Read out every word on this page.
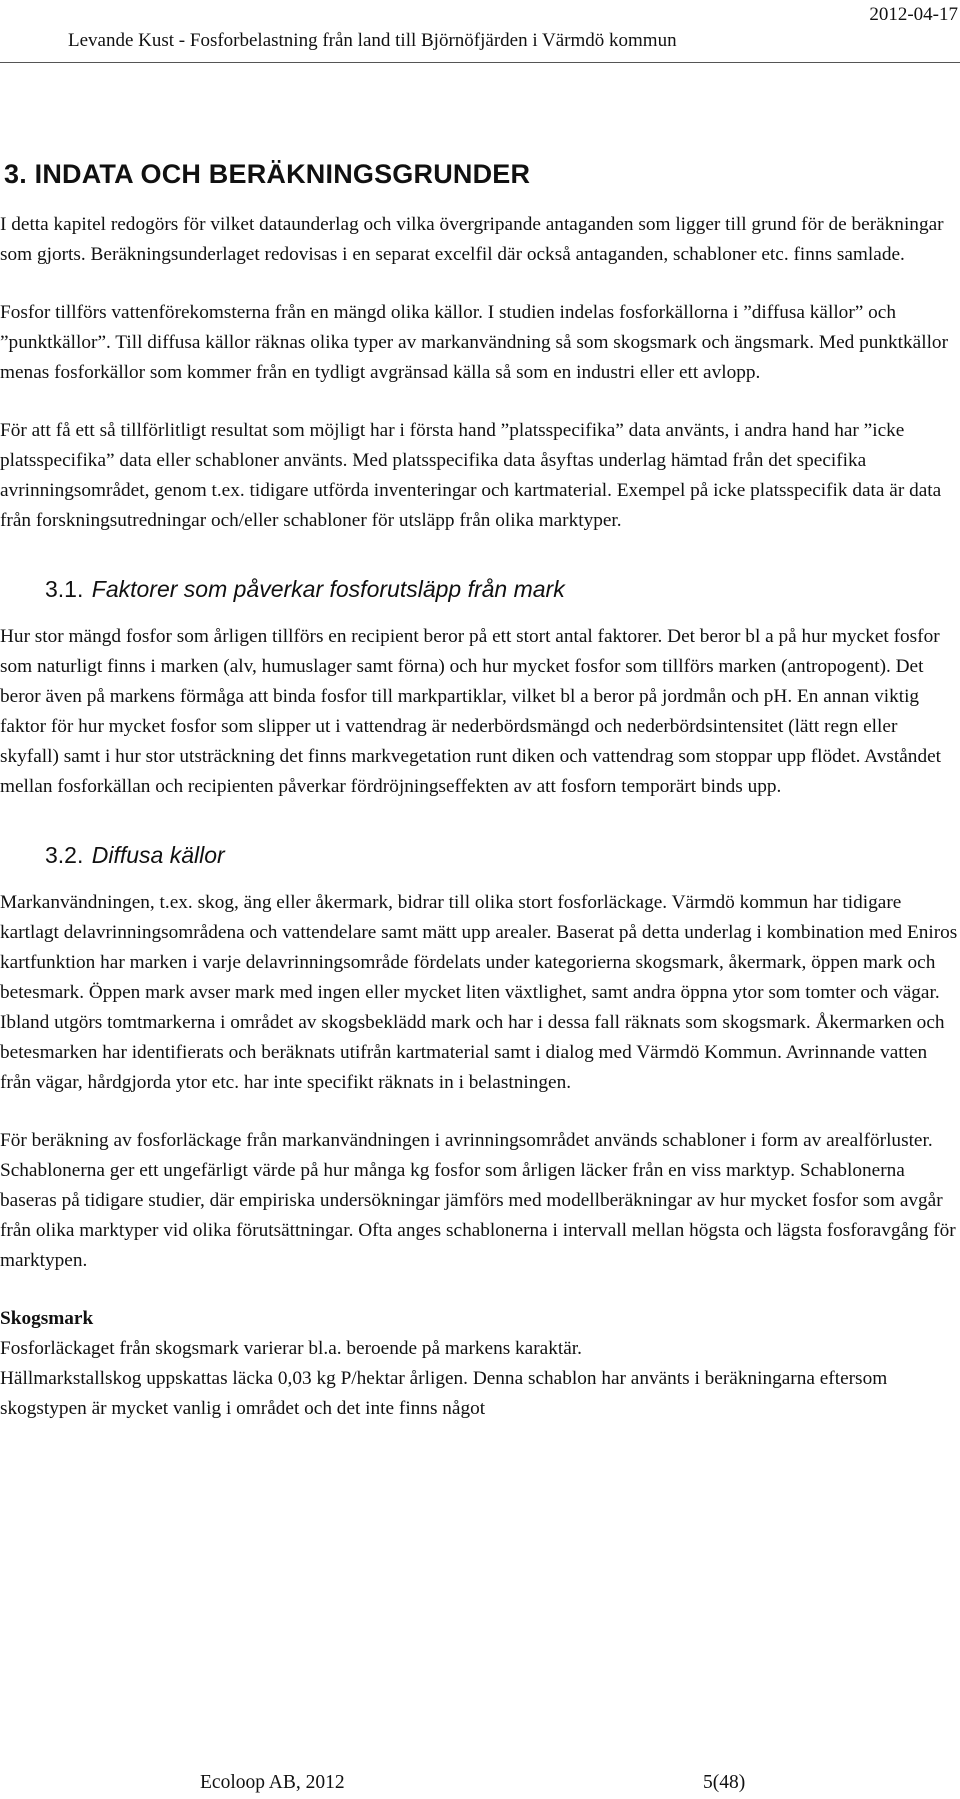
2012-04-17
Levande Kust - Fosforbelastning från land till Björnöfjärden i Värmdö kommun
3. INDATA OCH BERÄKNINGSGRUNDER

I detta kapitel redogörs för vilket dataunderlag och vilka övergripande antaganden som ligger till grund för de beräkningar som gjorts. Beräkningsunderlaget redovisas i en separat excelfil där också antaganden, schabloner etc. finns samlade.

Fosfor tillförs vattenförekomsterna från en mängd olika källor. I studien indelas fosforkällorna i ”diffusa källor” och ”punktkällor”. Till diffusa källor räknas olika typer av markanvändning så som skogsmark och ängsmark. Med punktkällor menas fosforkällor som kommer från en tydligt avgränsad källa så som en industri eller ett avlopp.

För att få ett så tillförlitligt resultat som möjligt har i första hand ”platsspecifika” data använts, i andra hand har ”icke platsspecifika” data eller schabloner använts. Med platsspecifika data åsyftas underlag hämtad från det specifika avrinningsområdet, genom t.ex. tidigare utförda inventeringar och kartmaterial. Exempel på icke platsspecifik data är data från forskningsutredningar och/eller schabloner för utsläpp från olika marktyper.

3.1. Faktorer som påverkar fosforutsläpp från mark

Hur stor mängd fosfor som årligen tillförs en recipient beror på ett stort antal faktorer. Det beror bl a på hur mycket fosfor som naturligt finns i marken (alv, humuslager samt förna) och hur mycket fosfor som tillförs marken (antropogent). Det beror även på markens förmåga att binda fosfor till markpartiklar, vilket bl a beror på jordmån och pH. En annan viktig faktor för hur mycket fosfor som slipper ut i vattendrag är nederbördsmängd och nederbördsintensitet (lätt regn eller skyfall) samt i hur stor utsträckning det finns markvegetation runt diken och vattendrag som stoppar upp flödet. Avståndet mellan fosforkällan och recipienten påverkar fördröjningseffekten av att fosforn temporärt binds upp.

3.2. Diffusa källor

Markanvändningen, t.ex. skog, äng eller åkermark, bidrar till olika stort fosforläckage. Värmdö kommun har tidigare kartlagt delavrinningsområdena och vattendelare samt mätt upp arealer. Baserat på detta underlag i kombination med Eniros kartfunktion har marken i varje delavrinningsområde fördelats under kategorierna skogsmark, åkermark, öppen mark och betesmark. Öppen mark avser mark med ingen eller mycket liten växtlighet, samt andra öppna ytor som tomter och vägar. Ibland utgörs tomtmarkerna i området av skogsbeklädd mark och har i dessa fall räknats som skogsmark. Åkermarken och betesmarken har identifierats och beräknats utifrån kartmaterial samt i dialog med Värmdö Kommun. Avrinnande vatten från vägar, hårdgjorda ytor etc. har inte specifikt räknats in i belastningen.

För beräkning av fosforläckage från markanvändningen i avrinningsområdet används schabloner i form av arealförluster. Schablonerna ger ett ungefärligt värde på hur många kg fosfor som årligen läcker från en viss marktyp. Schablonerna baseras på tidigare studier, där empiriska undersökningar jämförs med modellberäkningar av hur mycket fosfor som avgår från olika marktyper vid olika förutsättningar. Ofta anges schablonerna i intervall mellan högsta och lägsta fosforavgång för marktypen.

Skogsmark
Fosforläckaget från skogsmark varierar bl.a. beroende på markens karaktär.
Hällmarkstallskog uppskattas läcka 0,03 kg P/hektar årligen. Denna schablon har använts i beräkningarna eftersom skogstypen är mycket vanlig i området och det inte finns något

Ecoloop AB, 2012	5(48)
